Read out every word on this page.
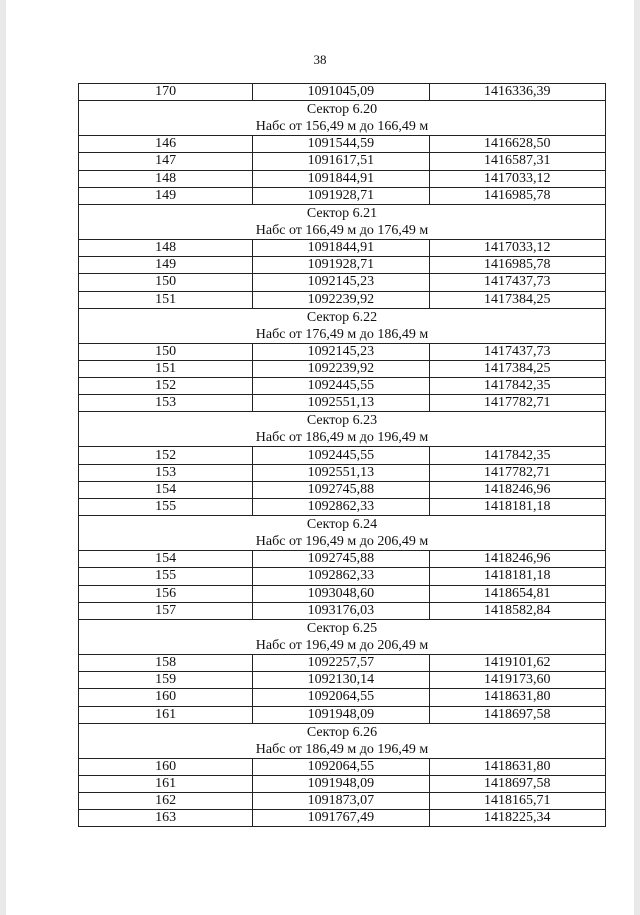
38
170	1091045,09	1416336,39

Сектор 6.20
Набс от 156,49 м до 166,49 м		

146	1091544,59	1416628,50
147	1091617,51	1416587,31
148	1091844,91	1417033,12
149	1091928,71	1416985,78

Сектор 6.21
Набс от 166,49 м до 176,49 м		

148	1091844,91	1417033,12
149	1091928,71	1416985,78
150	1092145,23	1417437,73
151	1092239,92	1417384,25

Сектор 6.22
Набс от 176,49 м до 186,49 м		

150	1092145,23	1417437,73
151	1092239,92	1417384,25
152	1092445,55	1417842,35
153	1092551,13	1417782,71

Сектор 6.23
Набс от 186,49 м до 196,49 м		

152	1092445,55	1417842,35
153	1092551,13	1417782,71
154	1092745,88	1418246,96
155	1092862,33	1418181,18

Сектор 6.24
Набс от 196,49 м до 206,49 м		

154	1092745,88	1418246,96
155	1092862,33	1418181,18
156	1093048,60	1418654,81
157	1093176,03	1418582,84

Сектор 6.25
Набс от 196,49 м до 206,49 м		

158	1092257,57	1419101,62
159	1092130,14	1419173,60
160	1092064,55	1418631,80
161	1091948,09	1418697,58

Сектор 6.26
Набс от 186,49 м до 196,49 м		

160	1092064,55	1418631,80
161	1091948,09	1418697,58
162	1091873,07	1418165,71
163	1091767,49	1418225,34
